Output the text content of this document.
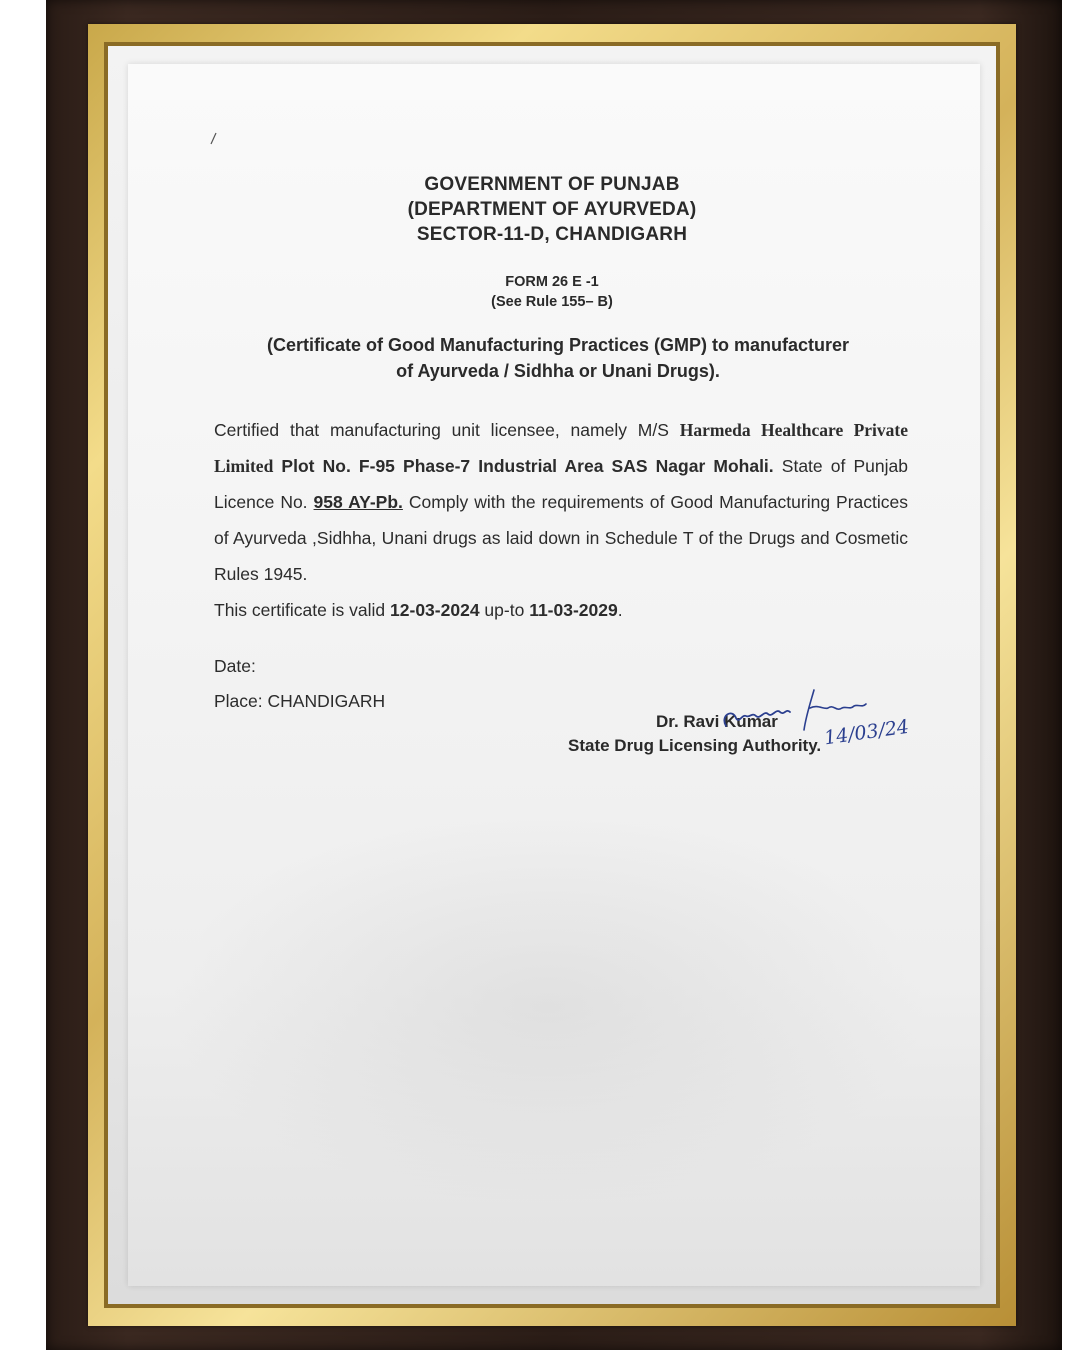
GOVERNMENT OF PUNJAB
(DEPARTMENT OF AYURVEDA)
SECTOR-11-D, CHANDIGARH
FORM 26 E -1
(See Rule 155– B)
(Certificate of Good Manufacturing Practices (GMP) to manufacturer
of Ayurveda / Sidhha or Unani Drugs).
Certified that manufacturing unit licensee, namely M/S Harmeda Healthcare Private Limited Plot No. F-95 Phase-7 Industrial Area SAS Nagar Mohali. State of Punjab Licence No. 958 AY-Pb. Comply with the requirements of Good Manufacturing Practices of Ayurveda ,Sidhha, Unani drugs as laid down in Schedule T of the Drugs and Cosmetic Rules 1945.
This certificate is valid 12-03-2024 up-to 11-03-2029.
Date:
Place: CHANDIGARH
Dr. Ravi Kumar
State Drug Licensing Authority. 14/03/24
